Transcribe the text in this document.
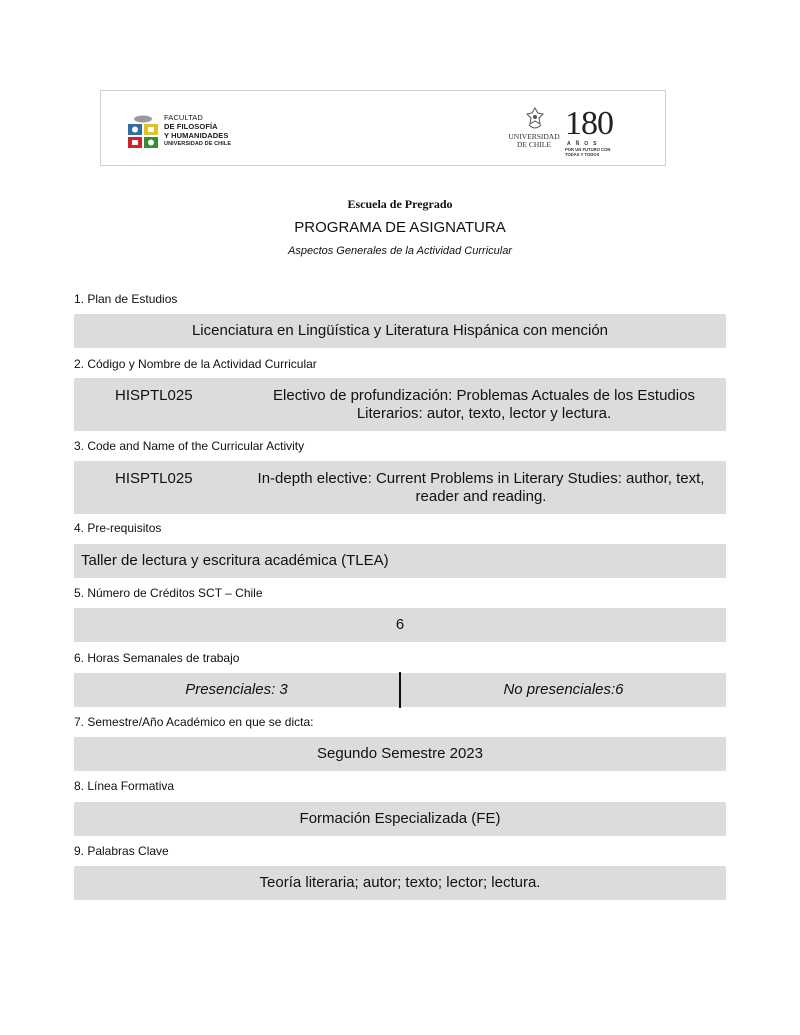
FACULTAD
DE FILOSOFÍA
Y HUMANIDADES
UNIVERSIDAD DE CHILE
UNIVERSIDAD
DE CHILE
180
AÑOS
POR UN FUTURO CON
TODAS Y TODOS
Escuela de Pregrado
PROGRAMA DE ASIGNATURA
Aspectos Generales de la Actividad Curricular
1. Plan de Estudios
Licenciatura en Lingüística y Literatura Hispánica con mención
2. Código y Nombre de la Actividad Curricular
HISPTL025	Electivo de profundización: Problemas Actuales de los Estudios
Literarios: autor, texto, lector y lectura.
3. Code and Name of the Curricular Activity
HISPTL025	In-depth elective: Current Problems in Literary Studies: author, text,
reader and reading.
4. Pre-requisitos
Taller de lectura y escritura académica (TLEA)
5. Número de Créditos SCT – Chile
6
6. Horas Semanales de trabajo
Presenciales: 3	No presenciales:6
7. Semestre/Año Académico en que se dicta:
Segundo Semestre 2023
8. Línea Formativa
Formación Especializada (FE)
9. Palabras Clave
Teoría literaria; autor; texto; lector; lectura.
